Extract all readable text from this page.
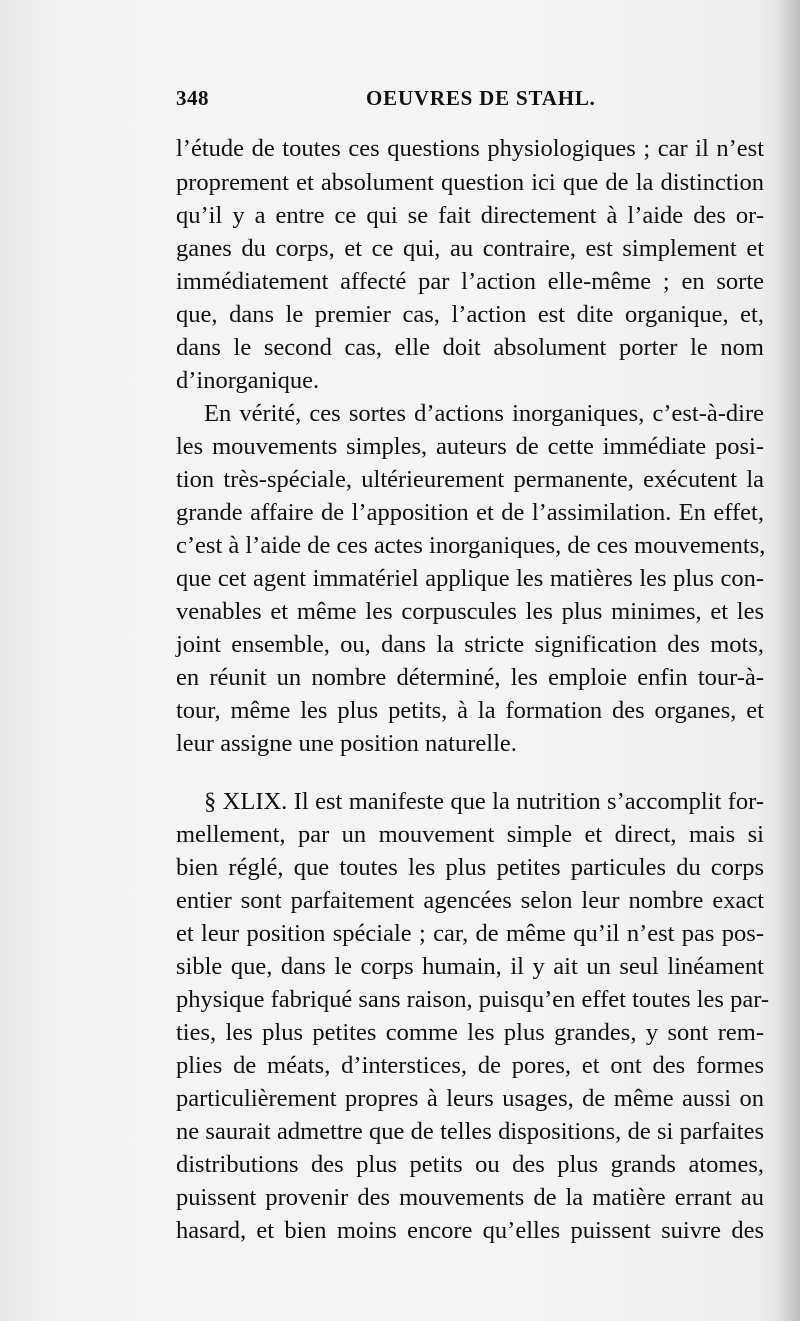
348	OEUVRES DE STAHL.
l’étude de toutes ces questions physiologiques ; car il n’est
proprement et absolument question ici que de la distinction
qu’il y a entre ce qui se fait directement à l’aide des or-
ganes du corps, et ce qui, au contraire, est simplement et
immédiatement affecté par l’action elle-même ; en sorte
que, dans le premier cas, l’action est dite organique, et,
dans le second cas, elle doit absolument porter le nom
d’inorganique.
En vérité, ces sortes d’actions inorganiques, c’est-à-dire
les mouvements simples, auteurs de cette immédiate posi-
tion très-spéciale, ultérieurement permanente, exécutent la
grande affaire de l’apposition et de l’assimilation. En effet,
c’est à l’aide de ces actes inorganiques, de ces mouvements,
que cet agent immatériel applique les matières les plus con-
venables et même les corpuscules les plus minimes, et les
joint ensemble, ou, dans la stricte signification des mots,
en réunit un nombre déterminé, les emploie enfin tour-à-
tour, même les plus petits, à la formation des organes, et
leur assigne une position naturelle.
§ XLIX. Il est manifeste que la nutrition s’accomplit for-
mellement, par un mouvement simple et direct, mais si
bien réglé, que toutes les plus petites particules du corps
entier sont parfaitement agencées selon leur nombre exact
et leur position spéciale ; car, de même qu’il n’est pas pos-
sible que, dans le corps humain, il y ait un seul linéament
physique fabriqué sans raison, puisqu’en effet toutes les par-
ties, les plus petites comme les plus grandes, y sont rem-
plies de méats, d’interstices, de pores, et ont des formes
particulièrement propres à leurs usages, de même aussi on
ne saurait admettre que de telles dispositions, de si parfaites
distributions des plus petits ou des plus grands atomes,
puissent provenir des mouvements de la matière errant au
hasard, et bien moins encore qu’elles puissent suivre des
